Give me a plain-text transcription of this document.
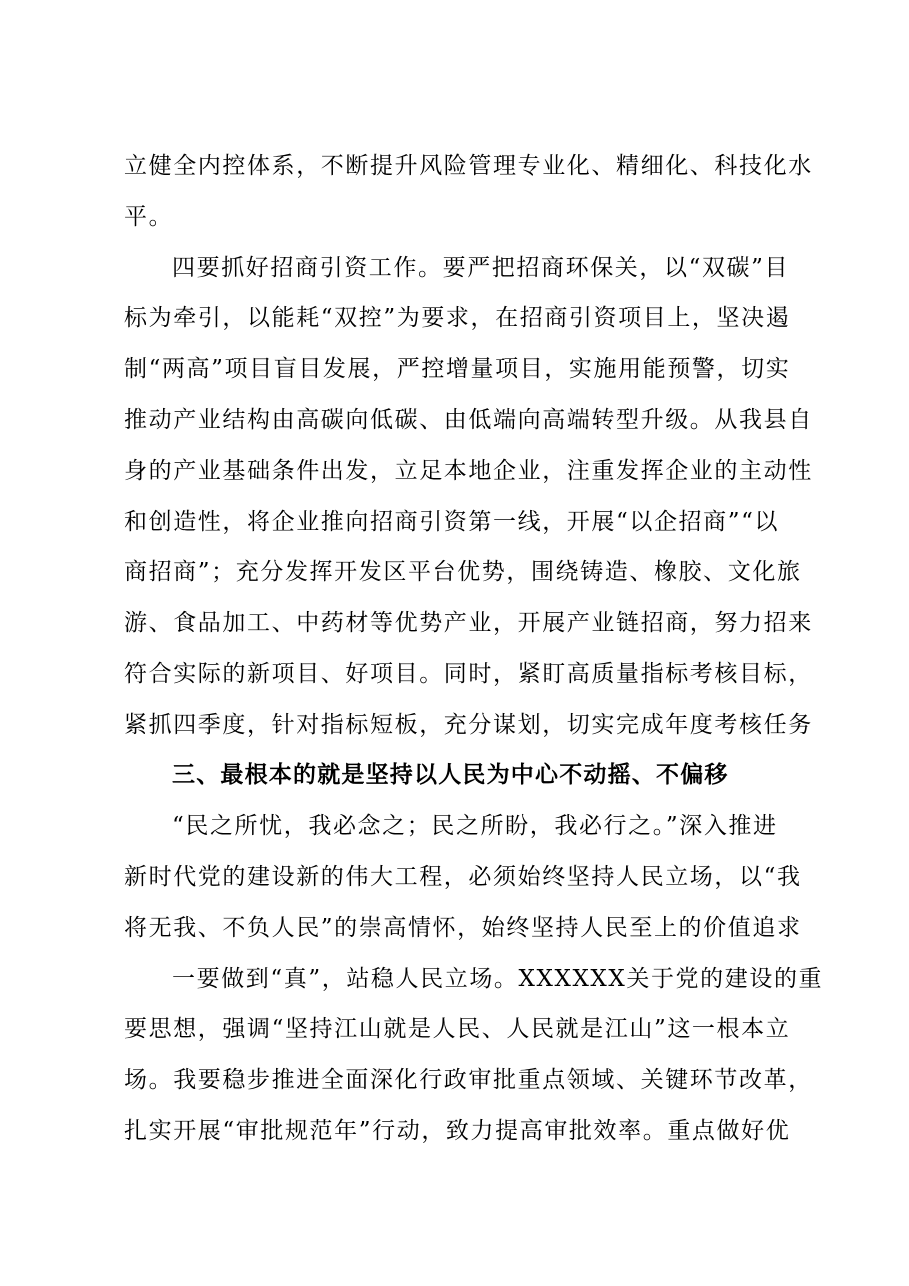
立健全内控体系，不断提升风险管理专业化、精细化、科技化水
平。
四要抓好招商引资工作。要严把招商环保关，以“双碳”目
标为牵引，以能耗“双控”为要求，在招商引资项目上，坚决遏
制“两高”项目盲目发展，严控增量项目，实施用能预警，切实
推动产业结构由高碳向低碳、由低端向高端转型升级。从我县自
身的产业基础条件出发，立足本地企业，注重发挥企业的主动性
和创造性，将企业推向招商引资第一线，开展“以企招商”“以
商招商”；充分发挥开发区平台优势，围绕铸造、橡胶、文化旅
游、食品加工、中药材等优势产业，开展产业链招商，努力招来
符合实际的新项目、好项目。同时，紧盯高质量指标考核目标，
紧抓四季度，针对指标短板，充分谋划，切实完成年度考核任务
三、最根本的就是坚持以人民为中心不动摇、不偏移
“民之所忧，我必念之；民之所盼，我必行之。”深入推进
新时代党的建设新的伟大工程，必须始终坚持人民立场，以“我
将无我、不负人民”的崇高情怀，始终坚持人民至上的价值追求
一要做到“真”，站稳人民立场。XXXXXX关于党的建设的重
要思想，强调“坚持江山就是人民、人民就是江山”这一根本立
场。我要稳步推进全面深化行政审批重点领域、关键环节改革，
扎实开展“审批规范年”行动，致力提高审批效率。重点做好优
